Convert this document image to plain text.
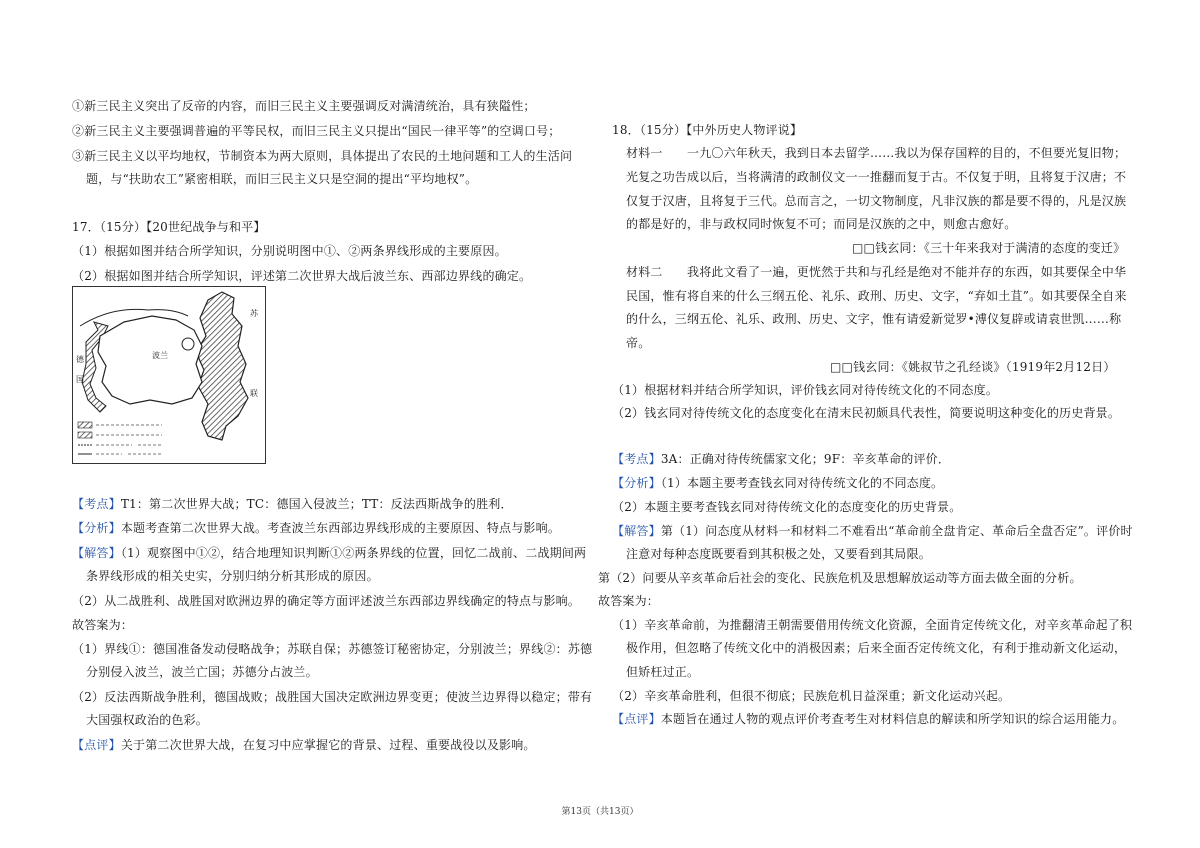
①新三民主义突出了反帝的内容，而旧三民主义主要强调反对满清统治，具有狭隘性；
②新三民主义主要强调普遍的平等民权，而旧三民主义只提出“国民一律平等”的空调口号；
③新三民主义以平均地权，节制资本为两大原则，具体提出了农民的土地问题和工人的生活问
题，与“扶助农工”紧密相联，而旧三民主义只是空洞的提出“平均地权”。
17．（15分）【20世纪战争与和平】
（1）根据如图并结合所学知识，分别说明图中①、②两条界线形成的主要原因。
（2）根据如图并结合所学知识，评述第二次世界大战后波兰东、西部边界线的确定。
波兰
苏
联
德
国
【考点】T1：第二次世界大战；TC：德国入侵波兰；TT：反法西斯战争的胜利．
【分析】本题考查第二次世界大战。考查波兰东西部边界线形成的主要原因、特点与影响。
【解答】（1）观察图中①②，结合地理知识判断①②两条界线的位置，回忆二战前、二战期间两
条界线形成的相关史实，分别归纳分析其形成的原因。
（2）从二战胜利、战胜国对欧洲边界的确定等方面评述波兰东西部边界线确定的特点与影响。
故答案为：
（1）界线①：德国准备发动侵略战争；苏联自保；苏德签订秘密协定，分别波兰；界线②：苏德
分别侵入波兰，波兰亡国；苏德分占波兰。
（2）反法西斯战争胜利，德国战败；战胜国大国决定欧洲边界变更；使波兰边界得以稳定；带有
大国强权政治的色彩。
【点评】关于第二次世界大战，在复习中应掌握它的背景、过程、重要战役以及影响。
18．（15分）【中外历史人物评说】
材料一　　一九〇六年秋天，我到日本去留学……我以为保存国粹的目的，不但要光复旧物；
光复之功告成以后，当将满清的政制仪文一一推翻而复于古。不仅复于明，且将复于汉唐；不
仅复于汉唐，且将复于三代。总而言之，一切文物制度，凡非汉族的都是要不得的，凡是汉族
的都是好的，非与政权同时恢复不可；而同是汉族的之中，则愈古愈好。
□□钱玄同：《三十年来我对于满清的态度的变迁》
材料二　　我将此文看了一遍，更恍然于共和与孔经是绝对不能并存的东西，如其要保全中华
民国，惟有将自来的什么三纲五伦、礼乐、政刑、历史、文字，“弃如土苴”。如其要保全自来
的什么，三纲五伦、礼乐、政刑、历史、文字，惟有请爱新觉罗•溥仪复辟或请袁世凯……称
帝。
□□钱玄同：《姚叔节之孔经谈》（1919年2月12日）
（1）根据材料并结合所学知识，评价钱玄同对待传统文化的不同态度。
（2）钱玄同对待传统文化的态度变化在清末民初颇具代表性，简要说明这种变化的历史背景。
【考点】3A：正确对待传统儒家文化；9F：辛亥革命的评价．
【分析】（1）本题主要考查钱玄同对待传统文化的不同态度。
（2）本题主要考查钱玄同对待传统文化的态度变化的历史背景。
【解答】第（1）问态度从材料一和材料二不难看出“革命前全盘肯定、革命后全盘否定”。评价时
注意对每种态度既要看到其积极之处，又要看到其局限。
第（2）问要从辛亥革命后社会的变化、民族危机及思想解放运动等方面去做全面的分析。
故答案为：
（1）辛亥革命前，为推翻清王朝需要借用传统文化资源，全面肯定传统文化，对辛亥革命起了积
极作用，但忽略了传统文化中的消极因素；后来全面否定传统文化，有利于推动新文化运动，
但矫枉过正。
（2）辛亥革命胜利，但很不彻底；民族危机日益深重；新文化运动兴起。
【点评】本题旨在通过人物的观点评价考查考生对材料信息的解读和所学知识的综合运用能力。
第13页（共13页）
